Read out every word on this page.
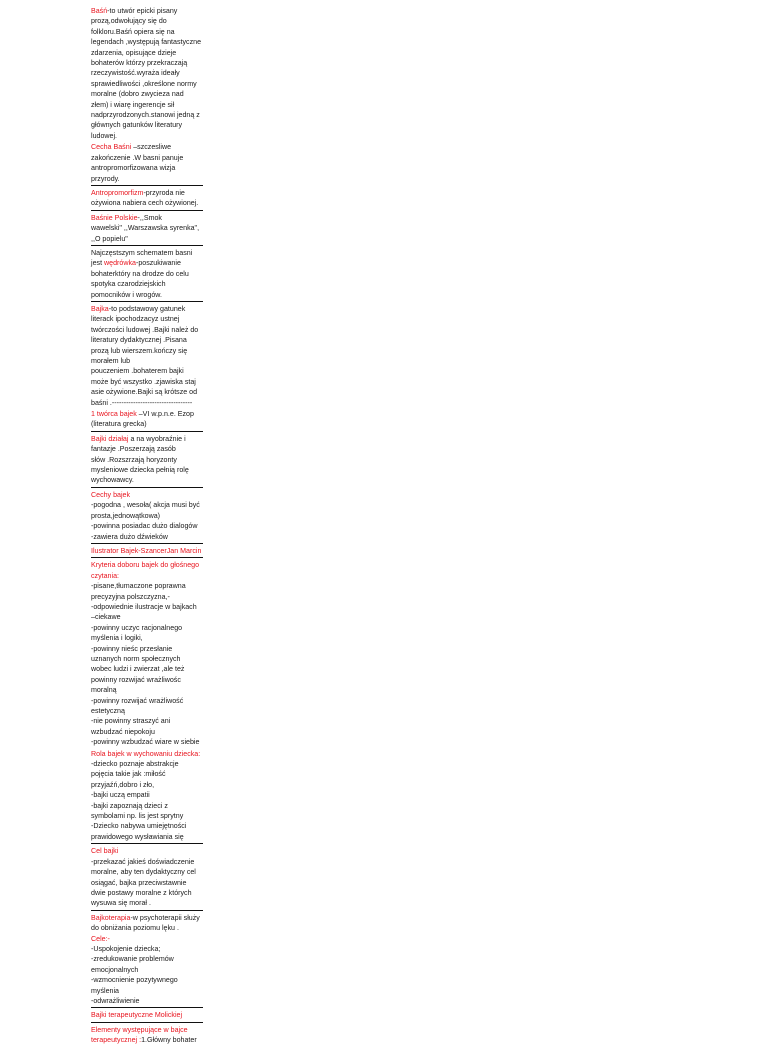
Baśń-to utwór epicki pisany
prozą,odwołujący się do
folkloru.Baśń opiera się na
legendach ,występują fantastyczne
zdarzenia, opisujące dzieje
bohaterów którzy przekraczają
rzeczywistość.wyraża ideały
sprawiedliwości ,określone normy
moralne (dobro zwycieza nad
złem) i wiarę ingerencje sił
nadprzyrodzonych.stanowi jedną z
głównych gatunków literatury
ludowej.
Cecha Baśni –szczesliwe
zakończenie .W basni panuje
antropromorfizowana wizja
przyrody.
Antropromorfizm-przyroda nie
ożywiona nabiera cech ożywionej.
Baśnie Polskie-,,Smok
wawelski" ,,Warszawska syrenka",
,,O popielu"
Najczęstszym schematem basni
jest wędrówka-poszukiwanie
bohaterktóry na drodze do celu
spotyka czarodziejskich
pomocników i wrogów.
Bajka-to podstawowy gatunek
literack ipochodzacyz ustnej
twórczości ludowej .Bajki należ do
literatury dydaktycznej .Pisana
prozą lub wierszem.kończy się
morałem lub
pouczeniem .bohaterem bajki
może być wszystko .zjawiska staj
asie ożywione.Bajki są krótsze od
baśni .----------------------------------
1 twórca bajek –VI w.p.n.e. Ezop
(literatura grecka)
Bajki działaj a na wyobraźnie i
fantazje .Poszerzają zasób
słów .Rozszrzają horyzonty
mysleniowe dziecka pełnią rolę
wychowawcy.
Cechy bajek
-pogodna , wesoła( akcja musi być
prosta,jednowątkowa)
-powinna posiadac dużo dialogów
-zawiera dużo dźwieków
Ilustrator Bajek-SzancerJan Marcin
Kryteria doboru bajek do głośnego
czytania:
-pisane,tłumaczone poprawna
precyzyjna polszczyzna,-
-odpowiednie ilustracje w bajkach
–ciekawe
-powinny uczyc racjonalnego
myślenia i logiki,
-powinny nieśc przesłanie
uznanych norm społecznych
wobec ludzi i zwierzat ,ale też
powinny rozwijać wrażliwośc
moralną
-powinny rozwijać wrażliwość
estetyczną
-nie powinny straszyć ani
wzbudzać niepokoju
-powinny wzbudzać wiare w siebie
Rola bajek w wychowaniu dziecka:
-dziecko poznaje abstrakcje
pojęcia takie jak :miłość
przyjaźń,dobro i zło,
-bajki uczą empatii
-bajki zapoznają dzieci z
symbolami np. lis jest sprytny
-Dziecko nabywa umiejętności
prawidowego wysławiania się
Cel bajki
-przekazać jakieś doświadczenie
moralne, aby ten dydaktyczny cel
osiągać, bajka przeciwstawnie
dwie postawy moralne z których
wysuwa się morał .
Bajkoterapia-w psychoterapii służy
do obniżania poziomu lęku .
Cele:-
-Uspokojenie dziecka;
-zredukowanie problemów
emocjonalnych
-wzmocnienie pozytywnego
myślenia
-odwrażliwienie
Bajki terapeutyczne Molickiej
Elementy występujące w bajce
terapeutycznej :1.Główny bohater
